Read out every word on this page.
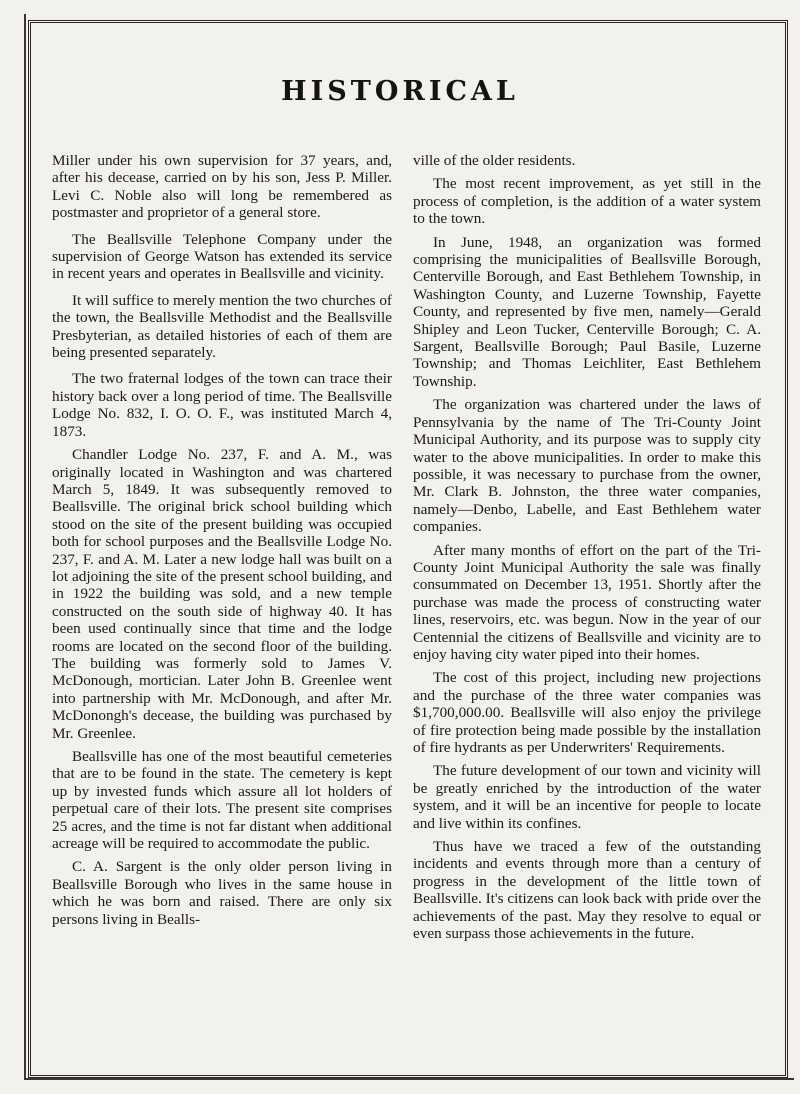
HISTORICAL

Miller under his own supervision for 37 years, and, after his decease, carried on by his son, Jess P. Miller. Levi C. Noble also will long be remembered as postmaster and proprietor of a general store.

The Beallsville Telephone Company under the supervision of George Watson has extended its service in recent years and operates in Beallsville and vicinity.

It will suffice to merely mention the two churches of the town, the Beallsville Methodist and the Beallsville Presbyterian, as detailed histories of each of them are being presented separately.

The two fraternal lodges of the town can trace their history back over a long period of time. The Beallsville Lodge No. 832, I. O. O. F., was instituted March 4, 1873.

Chandler Lodge No. 237, F. and A. M., was originally located in Washington and was chartered March 5, 1849. It was subsequently removed to Beallsville. The original brick school building which stood on the site of the present building was occupied both for school purposes and the Beallsville Lodge No. 237, F. and A. M. Later a new lodge hall was built on a lot adjoining the site of the present school building, and in 1922 the building was sold, and a new temple constructed on the south side of highway 40. It has been used continually since that time and the lodge rooms are located on the second floor of the building. The building was formerly sold to James V. McDonough, mortician. Later John B. Greenlee went into partnership with Mr. McDonough, and after Mr. McDonongh's decease, the building was purchased by Mr. Greenlee.

Beallsville has one of the most beautiful cemeteries that are to be found in the state. The cemetery is kept up by invested funds which assure all lot holders of perpetual care of their lots. The present site comprises 25 acres, and the time is not far distant when additional acreage will be required to accommodate the public.

C. A. Sargent is the only older person living in Beallsville Borough who lives in the same house in which he was born and raised. There are only six persons living in Bealls-

ville of the older residents.

The most recent improvement, as yet still in the process of completion, is the addition of a water system to the town.

In June, 1948, an organization was formed comprising the municipalities of Beallsville Borough, Centerville Borough, and East Bethlehem Township, in Washington County, and Luzerne Township, Fayette County, and represented by five men, namely—Gerald Shipley and Leon Tucker, Centerville Borough; C. A. Sargent, Beallsville Borough; Paul Basile, Luzerne Township; and Thomas Leichliter, East Bethlehem Township.

The organization was chartered under the laws of Pennsylvania by the name of The Tri-County Joint Municipal Authority, and its purpose was to supply city water to the above municipalities. In order to make this possible, it was necessary to purchase from the owner, Mr. Clark B. Johnston, the three water companies, namely—Denbo, Labelle, and East Bethlehem water companies.

After many months of effort on the part of the Tri-County Joint Municipal Authority the sale was finally consummated on December 13, 1951. Shortly after the purchase was made the process of constructing water lines, reservoirs, etc. was begun. Now in the year of our Centennial the citizens of Beallsville and vicinity are to enjoy having city water piped into their homes.

The cost of this project, including new projections and the purchase of the three water companies was $1,700,000.00. Beallsville will also enjoy the privilege of fire protection being made possible by the installation of fire hydrants as per Underwriters' Requirements.

The future development of our town and vicinity will be greatly enriched by the introduction of the water system, and it will be an incentive for people to locate and live within its confines.

Thus have we traced a few of the outstanding incidents and events through more than a century of progress in the development of the little town of Beallsville. It's citizens can look back with pride over the achievements of the past. May they resolve to equal or even surpass those achievements in the future.
